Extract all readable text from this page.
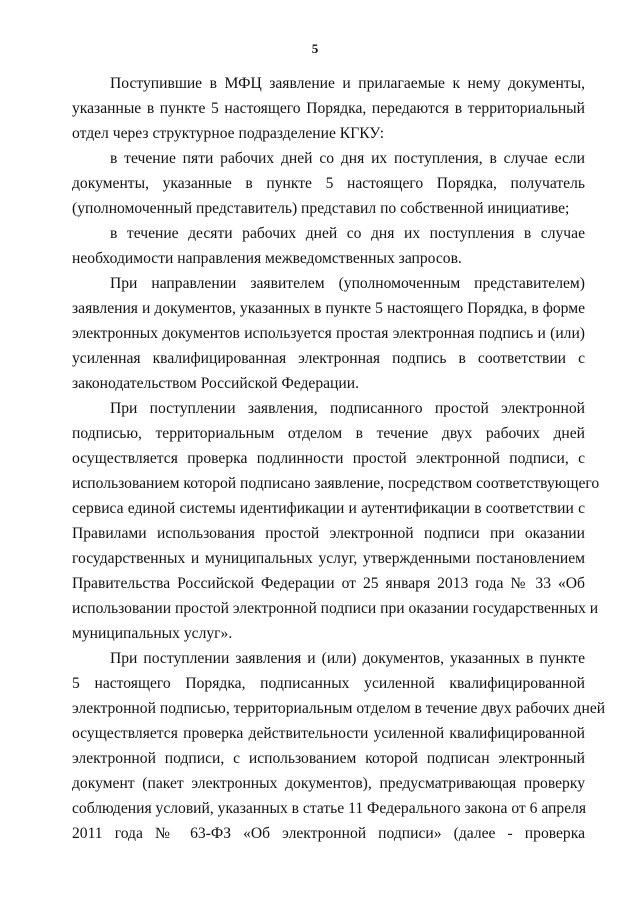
5
Поступившие в МФЦ заявление и прилагаемые к нему документы,
указанные в пункте 5 настоящего Порядка, передаются в территориальный
отдел через структурное подразделение КГКУ:
в течение пяти рабочих дней со дня их поступления, в случае если
документы, указанные в пункте 5 настоящего Порядка, получатель
(уполномоченный представитель) представил по собственной инициативе;
в течение десяти рабочих дней со дня их поступления в случае
необходимости направления межведомственных запросов.
При направлении заявителем (уполномоченным представителем)
заявления и документов, указанных в пункте 5 настоящего Порядка, в форме
электронных документов используется простая электронная подпись и (или)
усиленная квалифицированная электронная подпись в соответствии с
законодательством Российской Федерации.
При поступлении заявления, подписанного простой электронной
подписью, территориальным отделом в течение двух рабочих дней
осуществляется проверка подлинности простой электронной подписи, с
использованием которой подписано заявление, посредством соответствующего
сервиса единой системы идентификации и аутентификации в соответствии с
Правилами использования простой электронной подписи при оказании
государственных и муниципальных услуг, утвержденными постановлением
Правительства Российской Федерации от 25 января 2013 года № 33 «Об
использовании простой электронной подписи при оказании государственных и
муниципальных услуг».
При поступлении заявления и (или) документов, указанных в пункте
5 настоящего Порядка, подписанных усиленной квалифицированной
электронной подписью, территориальным отделом в течение двух рабочих дней
осуществляется проверка действительности усиленной квалифицированной
электронной подписи, с использованием которой подписан электронный
документ (пакет электронных документов), предусматривающая проверку
соблюдения условий, указанных в статье 11 Федерального закона от 6 апреля
2011 года № 63-ФЗ «Об электронной подписи» (далее - проверка
